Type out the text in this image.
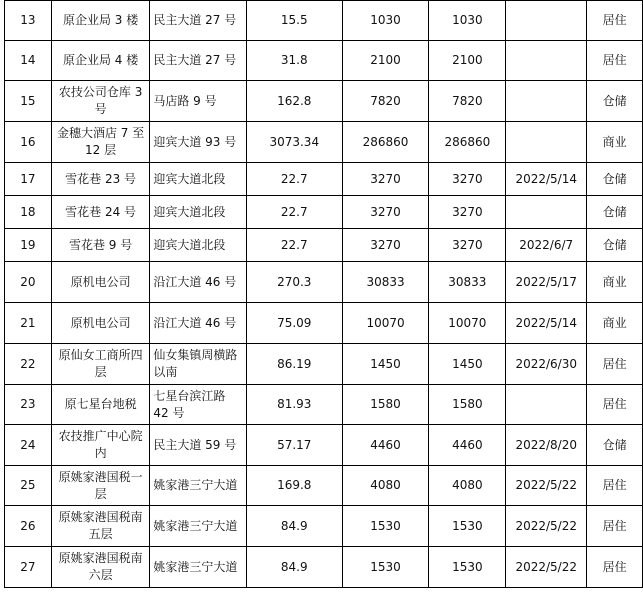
13	原企业局 3 楼	民主大道 27 号	15.5	1030	1030		居住
14	原企业局 4 楼	民主大道 27 号	31.8	2100	2100		居住
15	农技公司仓库 3 号	马店路 9 号	162.8	7820	7820		仓储
16	金穗大酒店 7 至 12 层	迎宾大道 93 号	3073.34	286860	286860		商业
17	雪花巷 23 号	迎宾大道北段	22.7	3270	3270	2022/5/14	仓储
18	雪花巷 24 号	迎宾大道北段	22.7	3270	3270		仓储
19	雪花巷 9 号	迎宾大道北段	22.7	3270	3270	2022/6/7	仓储
20	原机电公司	沿江大道 46 号	270.3	30833	30833	2022/5/17	商业
21	原机电公司	沿江大道 46 号	75.09	10070	10070	2022/5/14	商业
22	原仙女工商所四层	仙女集镇周横路以南	86.19	1450	1450	2022/6/30	居住
23	原七星台地税	七星台滨江路 42 号	81.93	1580	1580		居住
24	农技推广中心院内	民主大道 59 号	57.17	4460	4460	2022/8/20	仓储
25	原姚家港国税一层	姚家港三宁大道	169.8	4080	4080	2022/5/22	居住
26	原姚家港国税南五层	姚家港三宁大道	84.9	1530	1530	2022/5/22	居住
27	原姚家港国税南六层	姚家港三宁大道	84.9	1530	1530	2022/5/22	居住
